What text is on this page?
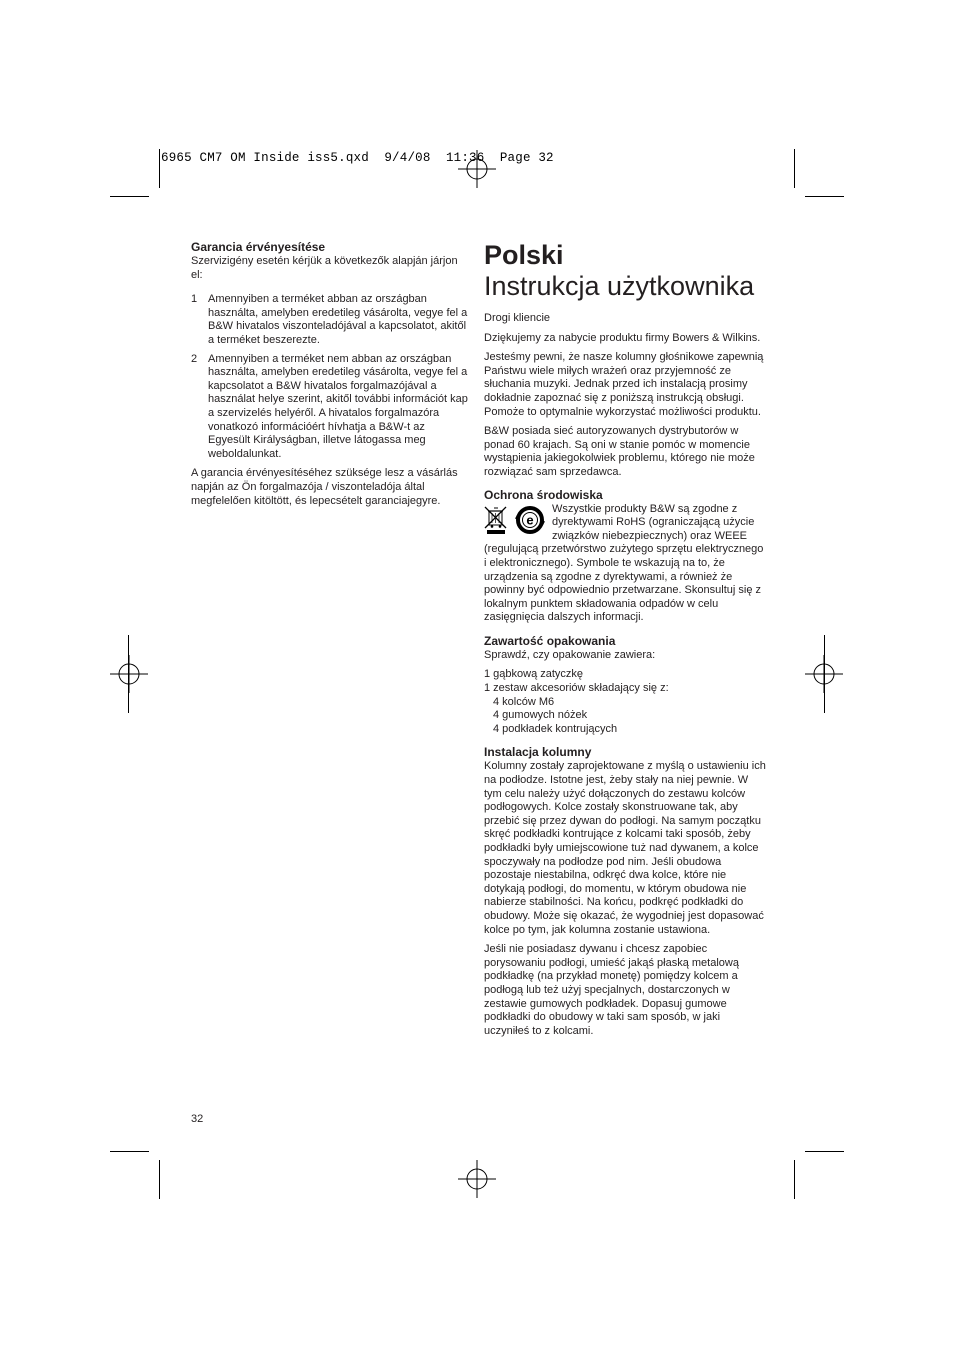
6965 CM7 OM Inside iss5.qxd  9/4/08  11:36  Page 32
Garancia érvényesítése

Szervizigény esetén kérjük a következők alapján járjon el:

1 Amennyiben a terméket abban az országban használta, amelyben eredetileg vásárolta, vegye fel a B&W hivatalos viszonteladójával a kapcsolatot, akitől a terméket beszerezte.
2 Amennyiben a terméket nem abban az országban használta, amelyben eredetileg vásárolta, vegye fel a kapcsolatot a B&W hivatalos forgalmazójával a használat helye szerint, akitől további információt kap a szervizelés helyéről. A hivatalos forgalmazóra vonatkozó információért hívhatja a B&W-t az Egyesült Királyságban, illetve látogassa meg weboldalunkat.

A garancia érvényesítéséhez szüksége lesz a vásárlás napján az Ön forgalmazója / viszonteladója által megfelelően kitöltött, és lepecsételt garanciajegyre.

Polski
Instrukcja użytkownika

Drogi kliencie

Dziękujemy za nabycie produktu firmy Bowers & Wilkins.

Jesteśmy pewni, że nasze kolumny głośnikowe zapewnią Państwu wiele miłych wrażeń oraz przyjemność ze słuchania muzyki. Jednak przed ich instalacją prosimy dokładnie zapoznać się z poniższą instrukcją obsługi. Pomoże to optymalnie wykorzystać możliwości produktu.

B&W posiada sieć autoryzowanych dystrybutorów w ponad 60 krajach. Są oni w stanie pomóc w momencie wystąpienia jakiegokolwiek problemu, którego nie może rozwiązać sam sprzedawca.

Ochrona środowiska
e

Wszystkie produkty B&W są zgodne z dyrektywami RoHS (ograniczającą użycie związków niebezpiecznych) oraz WEEE (regulującą przetwórstwo zużytego sprzętu elektrycznego i elektronicznego). Symbole te wskazują na to, że urządzenia są zgodne z dyrektywami, a również że powinny być odpowiednio przetwarzane. Skonsultuj się z lokalnym punktem składowania odpadów w celu zasięgnięcia dalszych informacji.

Zawartość opakowania

Sprawdź, czy opakowanie zawiera:

1 gąbkową zatyczkę
1 zestaw akcesoriów składający się z:
4 kolców M6
4 gumowych nóżek
4 podkładek kontrujących
Instalacja kolumny

Kolumny zostały zaprojektowane z myślą o ustawieniu ich na podłodze. Istotne jest, żeby stały na niej pewnie. W tym celu należy użyć dołączonych do zestawu kolców podłogowych. Kolce zostały skonstruowane tak, aby przebić się przez dywan do podłogi. Na samym początku skręć podkładki kontrujące z kolcami taki sposób, żeby podkładki były umiejscowione tuż nad dywanem, a kolce spoczywały na podłodze pod nim. Jeśli obudowa pozostaje niestabilna, odkręć dwa kolce, które nie dotykają podłogi, do momentu, w którym obudowa nie nabierze stabilności. Na końcu, podkręć podkładki do obudowy. Może się okazać, że wygodniej jest dopasować kolce po tym, jak kolumna zostanie ustawiona.

Jeśli nie posiadasz dywanu i chcesz zapobiec porysowaniu podłogi, umieść jakąś płaską metalową podkładkę (na przykład monetę) pomiędzy kolcem a podłogą lub też użyj specjalnych, dostarczonych w zestawie gumowych podkładek. Dopasuj gumowe podkładki do obudowy w taki sam sposób, w jaki uczyniłeś to z kolcami.

32
